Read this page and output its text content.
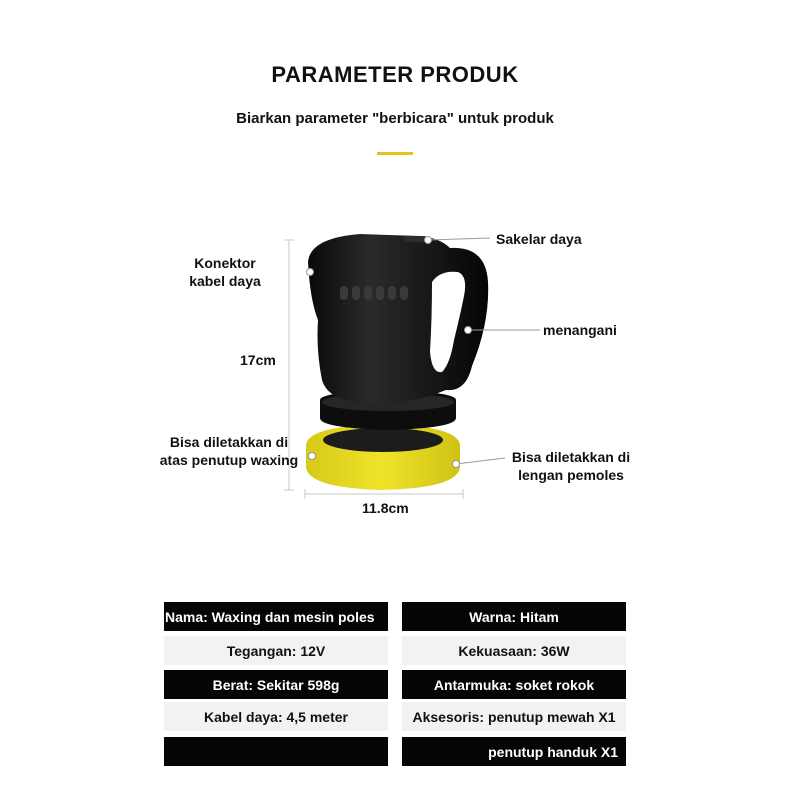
PARAMETER PRODUK
Biarkan parameter "berbicara" untuk produk
Sakelar daya
Konektor
kabel daya
menangani
17cm
Bisa diletakkan di
atas penutup waxing	Bisa diletakkan di
lengan pemoles
11.8cm
Nama: Waxing dan mesin poles
Tegangan: 12V
Berat: Sekitar 598g
Kabel daya: 4,5 meter
Warna: Hitam
Kekuasaan: 36W
Antarmuka: soket rokok
Aksesoris: penutup mewah X1
penutup handuk X1
